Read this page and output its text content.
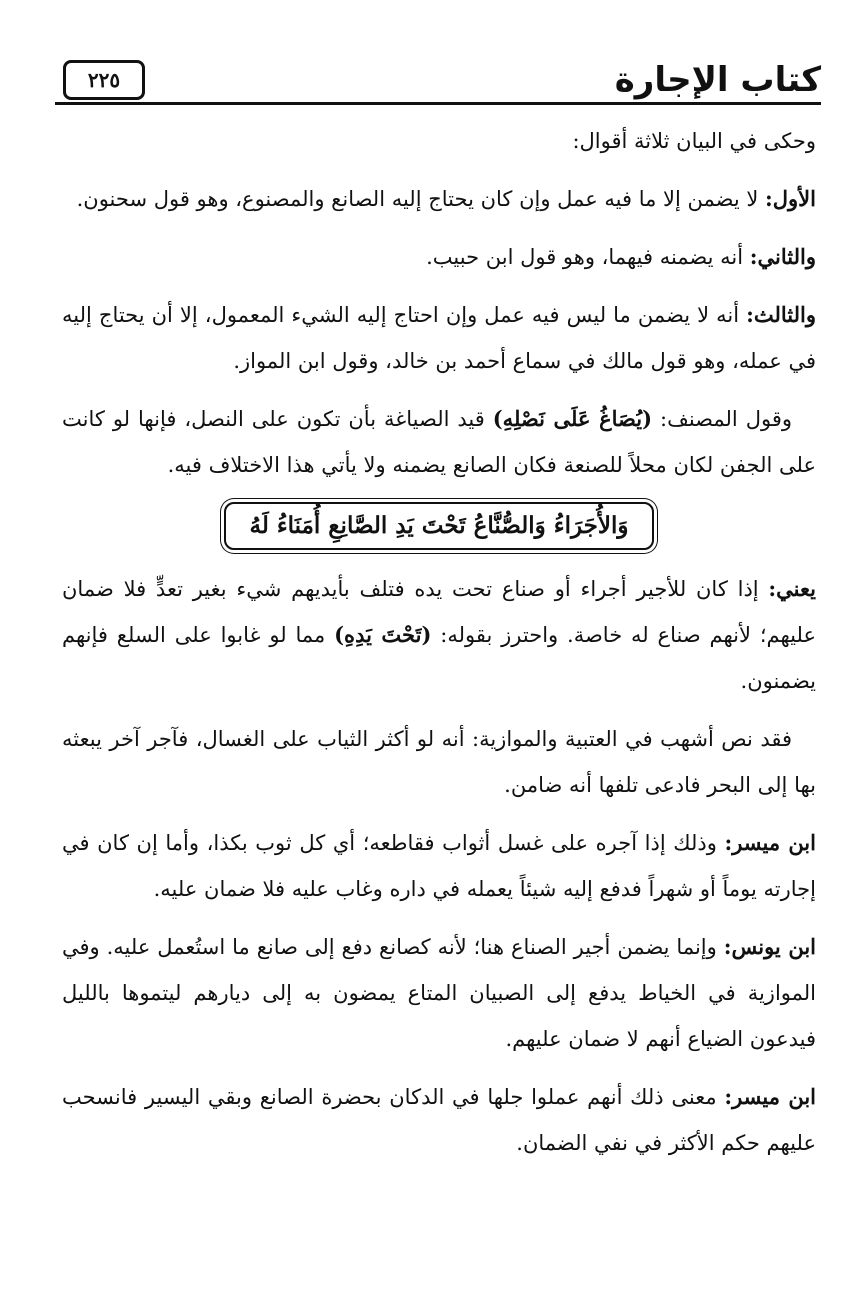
كتاب الإجارة
٢٢٥

وحكى في البيان ثلاثة أقوال:

الأول: لا يضمن إلا ما فيه عمل وإن كان يحتاج إليه الصانع والمصنوع، وهو قول سحنون.

والثاني: أنه يضمنه فيهما، وهو قول ابن حبيب.

والثالث: أنه لا يضمن ما ليس فيه عمل وإن احتاج إليه الشيء المعمول، إلا أن يحتاج إليه في عمله، وهو قول مالك في سماع أحمد بن خالد، وقول ابن المواز.

وقول المصنف: (يُصَاغُ عَلَى نَصْلِهِ) قيد الصياغة بأن تكون على النصل، فإنها لو كانت على الجفن لكان محلاً للصنعة فكان الصانع يضمنه ولا يأتي هذا الاختلاف فيه.

وَالأُجَرَاءُ وَالصُّنَّاعُ تَحْتَ يَدِ الصَّانِعِ أُمَنَاءُ لَهُ

يعني: إذا كان للأجير أجراء أو صناع تحت يده فتلف بأيديهم شيء بغير تعدٍّ فلا ضمان عليهم؛ لأنهم صناع له خاصة. واحترز بقوله: (تَحْتَ يَدِهِ) مما لو غابوا على السلع فإنهم يضمنون.

فقد نص أشهب في العتبية والموازية: أنه لو أكثر الثياب على الغسال، فآجر آخر يبعثه بها إلى البحر فادعى تلفها أنه ضامن.

ابن ميسر: وذلك إذا آجره على غسل أثواب فقاطعه؛ أي كل ثوب بكذا، وأما إن كان في إجارته يوماً أو شهراً فدفع إليه شيئاً يعمله في داره وغاب عليه فلا ضمان عليه.

ابن يونس: وإنما يضمن أجير الصناع هنا؛ لأنه كصانع دفع إلى صانع ما استُعمل عليه. وفي الموازية في الخياط يدفع إلى الصبيان المتاع يمضون به إلى ديارهم ليتموها بالليل فيدعون الضياع أنهم لا ضمان عليهم.

ابن ميسر: معنى ذلك أنهم عملوا جلها في الدكان بحضرة الصانع وبقي اليسير فانسحب عليهم حكم الأكثر في نفي الضمان.
